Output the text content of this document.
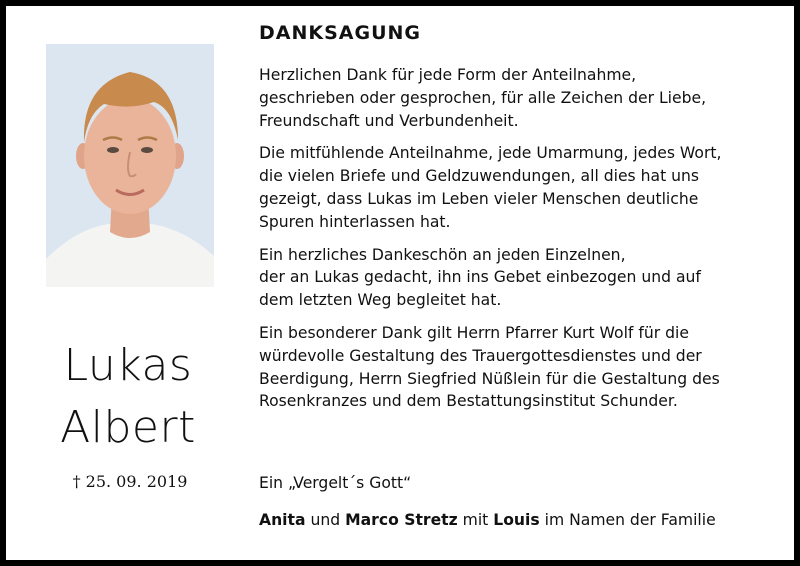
Lukas
Albert
† 25. 09. 2019
DANKSAGUNG

Herzlichen Dank für jede Form der Anteilnahme,
geschrieben oder gesprochen, für alle Zeichen der Liebe,
Freundschaft und Verbundenheit.

Die mitfühlende Anteilnahme, jede Umarmung, jedes Wort,
die vielen Briefe und Geldzuwendungen, all dies hat uns
gezeigt, dass Lukas im Leben vieler Menschen deutliche
Spuren hinterlassen hat.

Ein herzliches Dankeschön an jeden Einzelnen,
der an Lukas gedacht, ihn ins Gebet einbezogen und auf
dem letzten Weg begleitet hat.

Ein besonderer Dank gilt Herrn Pfarrer Kurt Wolf für die
würdevolle Gestaltung des Trauergottesdienstes und der
Beerdigung, Herrn Siegfried Nüßlein für die Gestaltung des
Rosenkranzes und dem Bestattungsinstitut Schunder.

Ein „Vergelt´s Gott“
Anita und Marco Stretz mit Louis im Namen der Familie
